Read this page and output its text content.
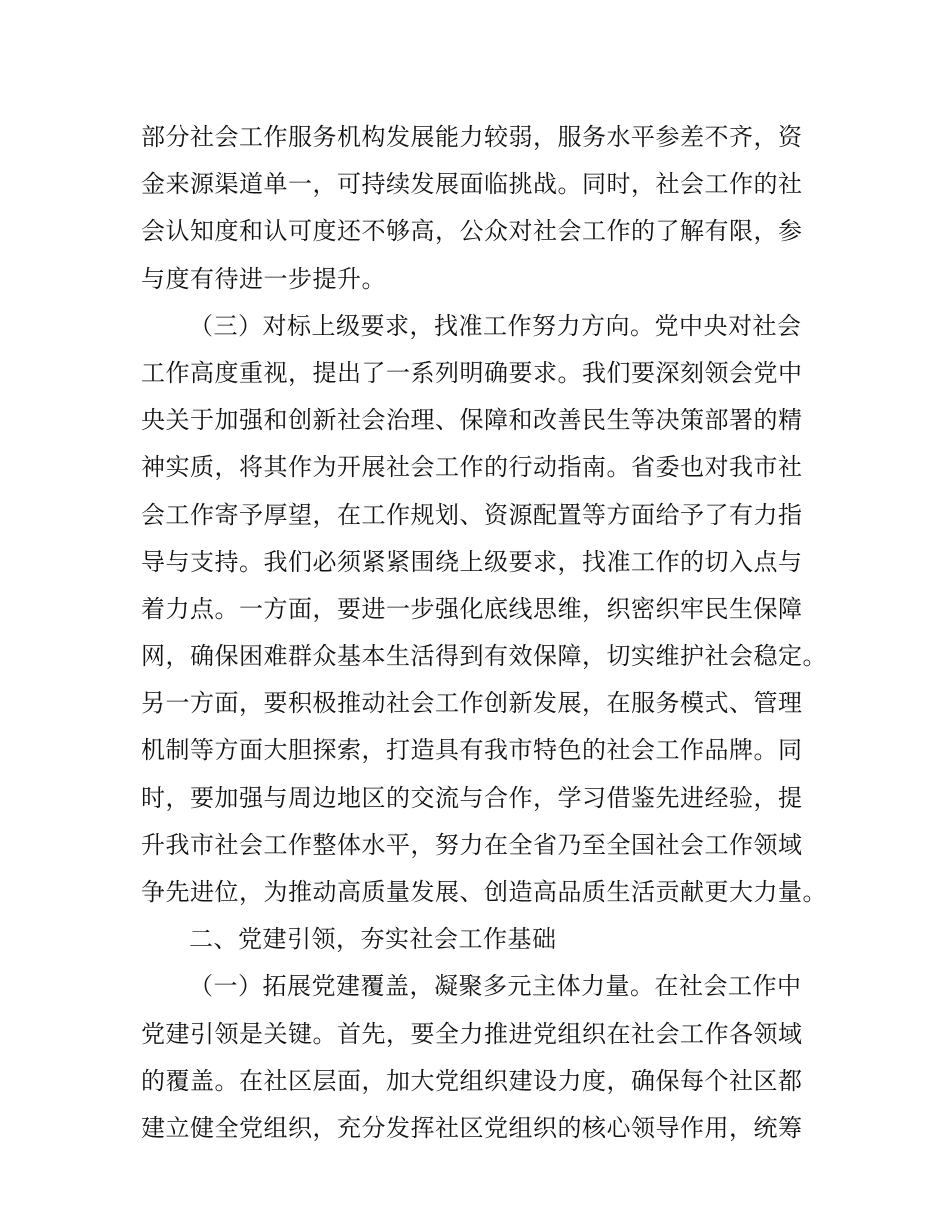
部分社会工作服务机构发展能力较弱，服务水平参差不齐，资
金来源渠道单一，可持续发展面临挑战。同时，社会工作的社
会认知度和认可度还不够高，公众对社会工作的了解有限，参
与度有待进一步提升。
（三）对标上级要求，找准工作努力方向。党中央对社会
工作高度重视，提出了一系列明确要求。我们要深刻领会党中
央关于加强和创新社会治理、保障和改善民生等决策部署的精
神实质，将其作为开展社会工作的行动指南。省委也对我市社
会工作寄予厚望，在工作规划、资源配置等方面给予了有力指
导与支持。我们必须紧紧围绕上级要求，找准工作的切入点与
着力点。一方面，要进一步强化底线思维，织密织牢民生保障
网，确保困难群众基本生活得到有效保障，切实维护社会稳定。
另一方面，要积极推动社会工作创新发展，在服务模式、管理
机制等方面大胆探索，打造具有我市特色的社会工作品牌。同
时，要加强与周边地区的交流与合作，学习借鉴先进经验，提
升我市社会工作整体水平，努力在全省乃至全国社会工作领域
争先进位，为推动高质量发展、创造高品质生活贡献更大力量。
二、党建引领，夯实社会工作基础
（一）拓展党建覆盖，凝聚多元主体力量。在社会工作中
党建引领是关键。首先，要全力推进党组织在社会工作各领域
的覆盖。在社区层面，加大党组织建设力度，确保每个社区都
建立健全党组织，充分发挥社区党组织的核心领导作用，统筹
